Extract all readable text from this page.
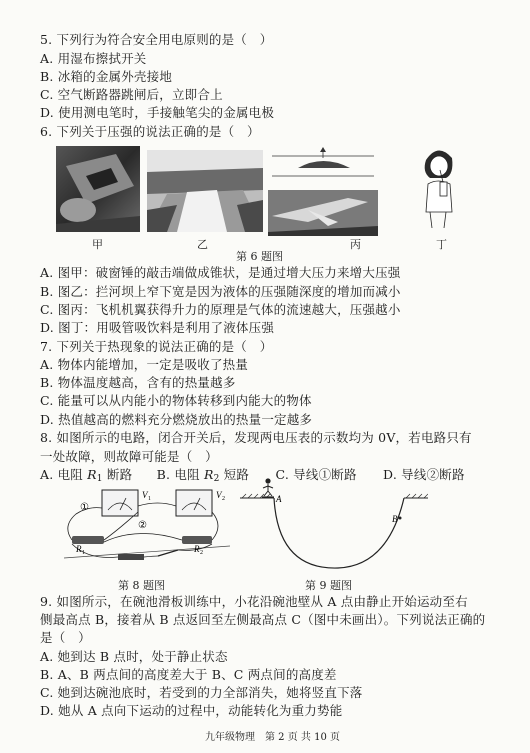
5. 下列行为符合安全用电原则的是（　）
A. 用湿布擦拭开关
B. 冰箱的金属外壳接地
C. 空气断路器跳闸后，立即合上
D. 使用测电笔时，手接触笔尖的金属电极
6. 下列关于压强的说法正确的是（　）
甲	乙	丙	丁
第 6 题图
A. 图甲：破窗锤的敲击端做成锥状，是通过增大压力来增大压强
B. 图乙：拦河坝上窄下宽是因为液体的压强随深度的增加而减小
C. 图丙：飞机机翼获得升力的原理是气体的流速越大，压强越小
D. 图丁：用吸管吸饮料是利用了液体压强
7. 下列关于热现象的说法正确的是（　）
A. 物体内能增加，一定是吸收了热量
B. 物体温度越高，含有的热量越多
C. 能量可以从内能小的物体转移到内能大的物体
D. 热值越高的燃料充分燃烧放出的热量一定越多
8. 如图所示的电路，闭合开关后，发现两电压表的示数均为 0V，若电路只有
一处故障，则故障可能是（　）
A. 电阻 $R_1$ 断路 B. 电阻 $R_2$ 短路 C. 导线①断路 D. 导线②断路
①
②
V 1	V 2
R 1	R 2
第 8 题图
A
B
第 9 题图
9. 如图所示，在碗池滑板训练中，小花沿碗池壁从 A 点由静止开始运动至右
侧最高点 B，接着从 B 点返回至左侧最高点 C（图中未画出）。下列说法正确的
是（　）
A. 她到达 B 点时，处于静止状态
B. A、B 两点间的高度差大于 B、C 两点间的高度差
C. 她到达碗池底时，若受到的力全部消失，她将竖直下落
D. 她从 A 点向下运动的过程中，动能转化为重力势能
九年级物理　第 2 页 共 10 页
